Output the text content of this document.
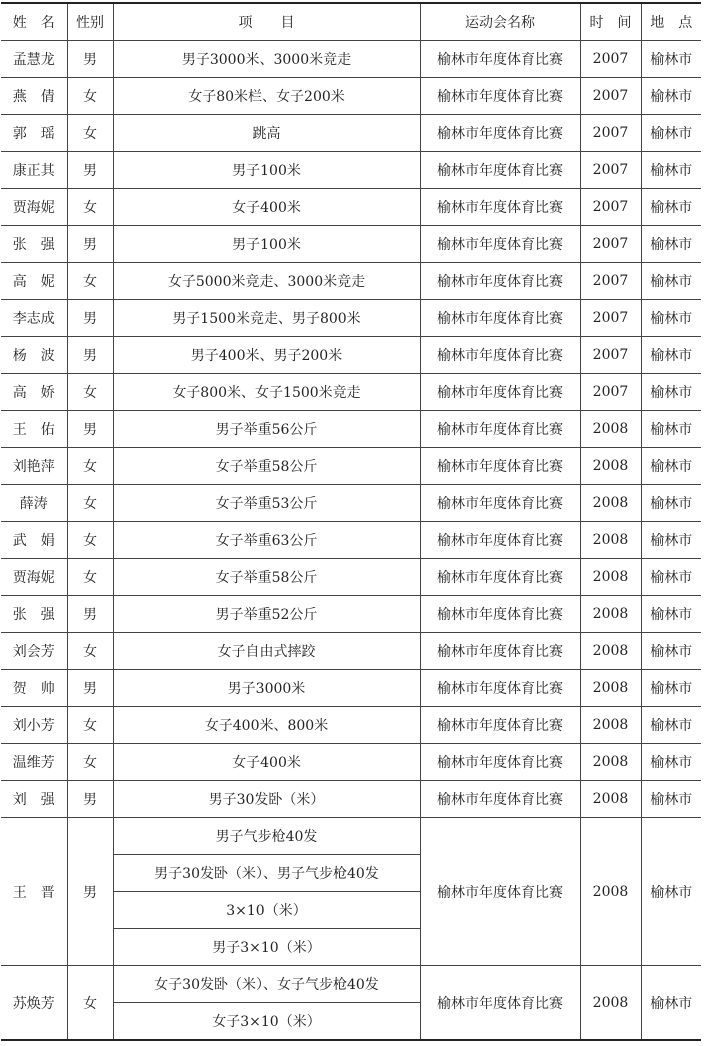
姓　名	性别	项　　目	运动会名称	时　间	地　点
孟慧龙	男	男子3000米、3000米竞走	榆林市年度体育比赛	2007	榆林市
燕　倩	女	女子80米栏、女子200米	榆林市年度体育比赛	2007	榆林市
郭　瑶	女	跳高	榆林市年度体育比赛	2007	榆林市
康正其	男	男子100米	榆林市年度体育比赛	2007	榆林市
贾海妮	女	女子400米	榆林市年度体育比赛	2007	榆林市
张　强	男	男子100米	榆林市年度体育比赛	2007	榆林市
高　妮	女	女子5000米竞走、3000米竞走	榆林市年度体育比赛	2007	榆林市
李志成	男	男子1500米竞走、男子800米	榆林市年度体育比赛	2007	榆林市
杨　波	男	男子400米、男子200米	榆林市年度体育比赛	2007	榆林市
高　娇	女	女子800米、女子1500米竞走	榆林市年度体育比赛	2007	榆林市
王　佑	男	男子举重56公斤	榆林市年度体育比赛	2008	榆林市
刘艳萍	女	女子举重58公斤	榆林市年度体育比赛	2008	榆林市
薛涛	女	女子举重53公斤	榆林市年度体育比赛	2008	榆林市
武　娟	女	女子举重63公斤	榆林市年度体育比赛	2008	榆林市
贾海妮	女	女子举重58公斤	榆林市年度体育比赛	2008	榆林市
张　强	男	男子举重52公斤	榆林市年度体育比赛	2008	榆林市
刘会芳	女	女子自由式摔跤	榆林市年度体育比赛	2008	榆林市
贺　帅	男	男子3000米	榆林市年度体育比赛	2008	榆林市
刘小芳	女	女子400米、800米	榆林市年度体育比赛	2008	榆林市
温维芳	女	女子400米	榆林市年度体育比赛	2008	榆林市
刘　强	男	男子30发卧（米）	榆林市年度体育比赛	2008	榆林市
王　晋	男	男子气步枪40发	榆林市年度体育比赛	2008	榆林市
		男子30发卧（米）、男子气步枪40发			
		3×10（米）			
		男子3×10（米）			
苏焕芳	女	女子30发卧（米）、女子气步枪40发	榆林市年度体育比赛	2008	榆林市
		女子3×10（米）			
